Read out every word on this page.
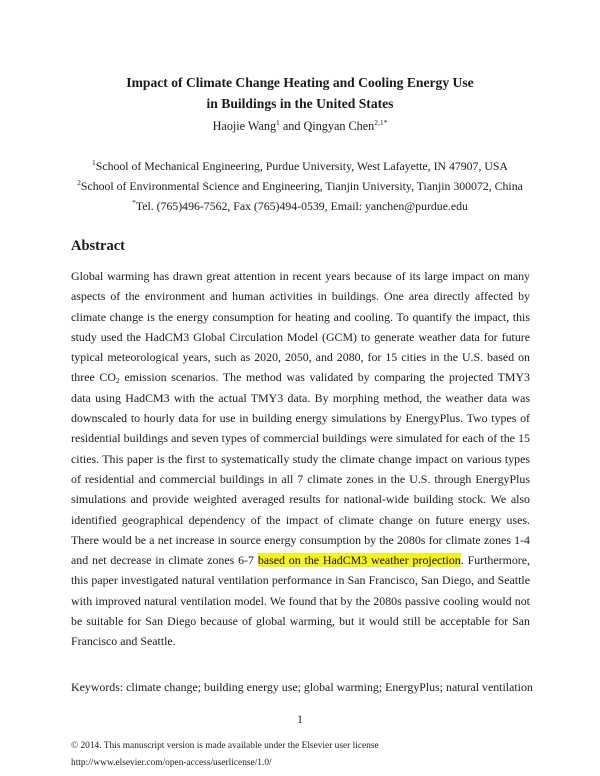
Impact of Climate Change Heating and Cooling Energy Use
in Buildings in the United States
Haojie Wang$^1$ and Qingyan Chen$^{2,1*}$
$^1$School of Mechanical Engineering, Purdue University, West Lafayette, IN 47907, USA
$^2$School of Environmental Science and Engineering, Tianjin University, Tianjin 300072, China
*Tel. (765)496-7562, Fax (765)494-0539, Email: yanchen@purdue.edu
Abstract

Global warming has drawn great attention in recent years because of its large impact on many aspects of the environment and human activities in buildings. One area directly affected by climate change is the energy consumption for heating and cooling. To quantify the impact, this study used the HadCM3 Global Circulation Model (GCM) to generate weather data for future typical meteorological years, such as 2020, 2050, and 2080, for 15 cities in the U.S. based on three $CO_2$ emission scenarios. The method was validated by comparing the projected TMY3 data using HadCM3 with the actual TMY3 data. By morphing method, the weather data was downscaled to hourly data for use in building energy simulations by EnergyPlus. Two types of residential buildings and seven types of commercial buildings were simulated for each of the 15 cities. This paper is the first to systematically study the climate change impact on various types of residential and commercial buildings in all 7 climate zones in the U.S. through EnergyPlus simulations and provide weighted averaged results for national-wide building stock. We also identified geographical dependency of the impact of climate change on future energy uses. There would be a net increase in source energy consumption by the 2080s for climate zones 1-4 and net decrease in climate zones 6-7 based on the HadCM3 weather projection. Furthermore, this paper investigated natural ventilation performance in San Francisco, San Diego, and Seattle with improved natural ventilation model. We found that by the 2080s passive cooling would not be suitable for San Diego because of global warming, but it would still be acceptable for San Francisco and Seattle.

Keywords: climate change; building energy use; global warming; EnergyPlus; natural ventilation
1
© 2014. This manuscript version is made available under the Elsevier user license
http://www.elsevier.com/open-access/userlicense/1.0/
